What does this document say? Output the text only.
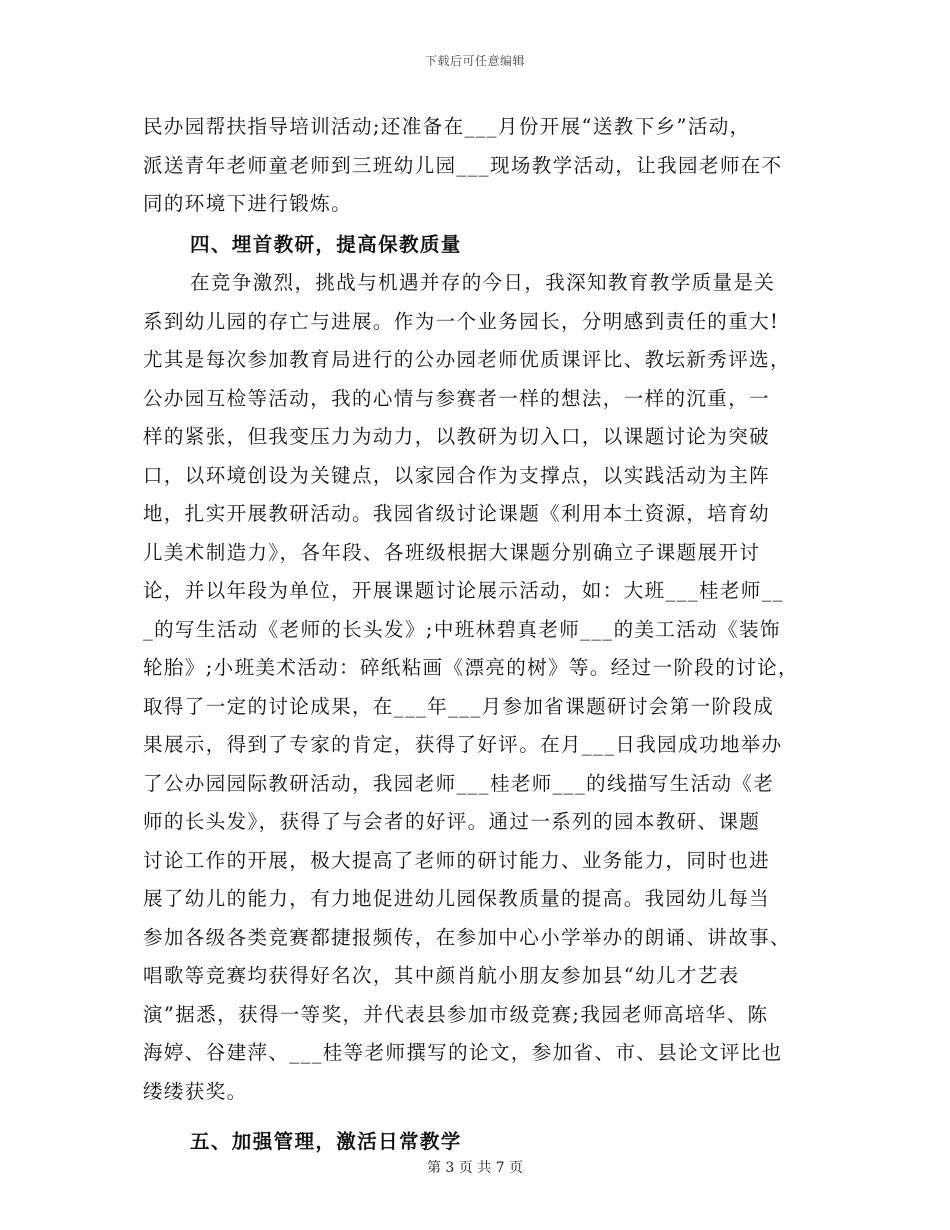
下载后可任意编辑
民办园帮扶指导培训活动;还准备在___月份开展“送教下乡”活动，
派送青年老师童老师到三班幼儿园___现场教学活动，让我园老师在不
同的环境下进行锻炼。
四、埋首教研，提高保教质量
在竞争激烈，挑战与机遇并存的今日，我深知教育教学质量是关
系到幼儿园的存亡与进展。作为一个业务园长，分明感到责任的重大!
尤其是每次参加教育局进行的公办园老师优质课评比、教坛新秀评选，
公办园互检等活动，我的心情与参赛者一样的想法，一样的沉重，一
样的紧张，但我变压力为动力，以教研为切入口，以课题讨论为突破
口，以环境创设为关键点，以家园合作为支撑点，以实践活动为主阵
地，扎实开展教研活动。我园省级讨论课题《利用本土资源，培育幼
儿美术制造力》，各年段、各班级根据大课题分别确立子课题展开讨
论，并以年段为单位，开展课题讨论展示活动，如：大班___桂老师__
_的写生活动《老师的长头发》;中班林碧真老师___的美工活动《装饰
轮胎》;小班美术活动：碎纸粘画《漂亮的树》等。经过一阶段的讨论，
取得了一定的讨论成果，在___年___月参加省课题研讨会第一阶段成
果展示，得到了专家的肯定，获得了好评。在月___日我园成功地举办
了公办园园际教研活动，我园老师___桂老师___的线描写生活动《老
师的长头发》，获得了与会者的好评。通过一系列的园本教研、课题
讨论工作的开展，极大提高了老师的研讨能力、业务能力，同时也进
展了幼儿的能力，有力地促进幼儿园保教质量的提高。我园幼儿每当
参加各级各类竞赛都捷报频传，在参加中心小学举办的朗诵、讲故事、
唱歌等竞赛均获得好名次，其中颜肖航小朋友参加县“幼儿才艺表
演”据悉，获得一等奖，并代表县参加市级竞赛;我园老师高培华、陈
海婷、谷建萍、___桂等老师撰写的论文，参加省、市、县论文评比也
缕缕获奖。
五、加强管理，激活日常教学
第 3 页 共 7 页
